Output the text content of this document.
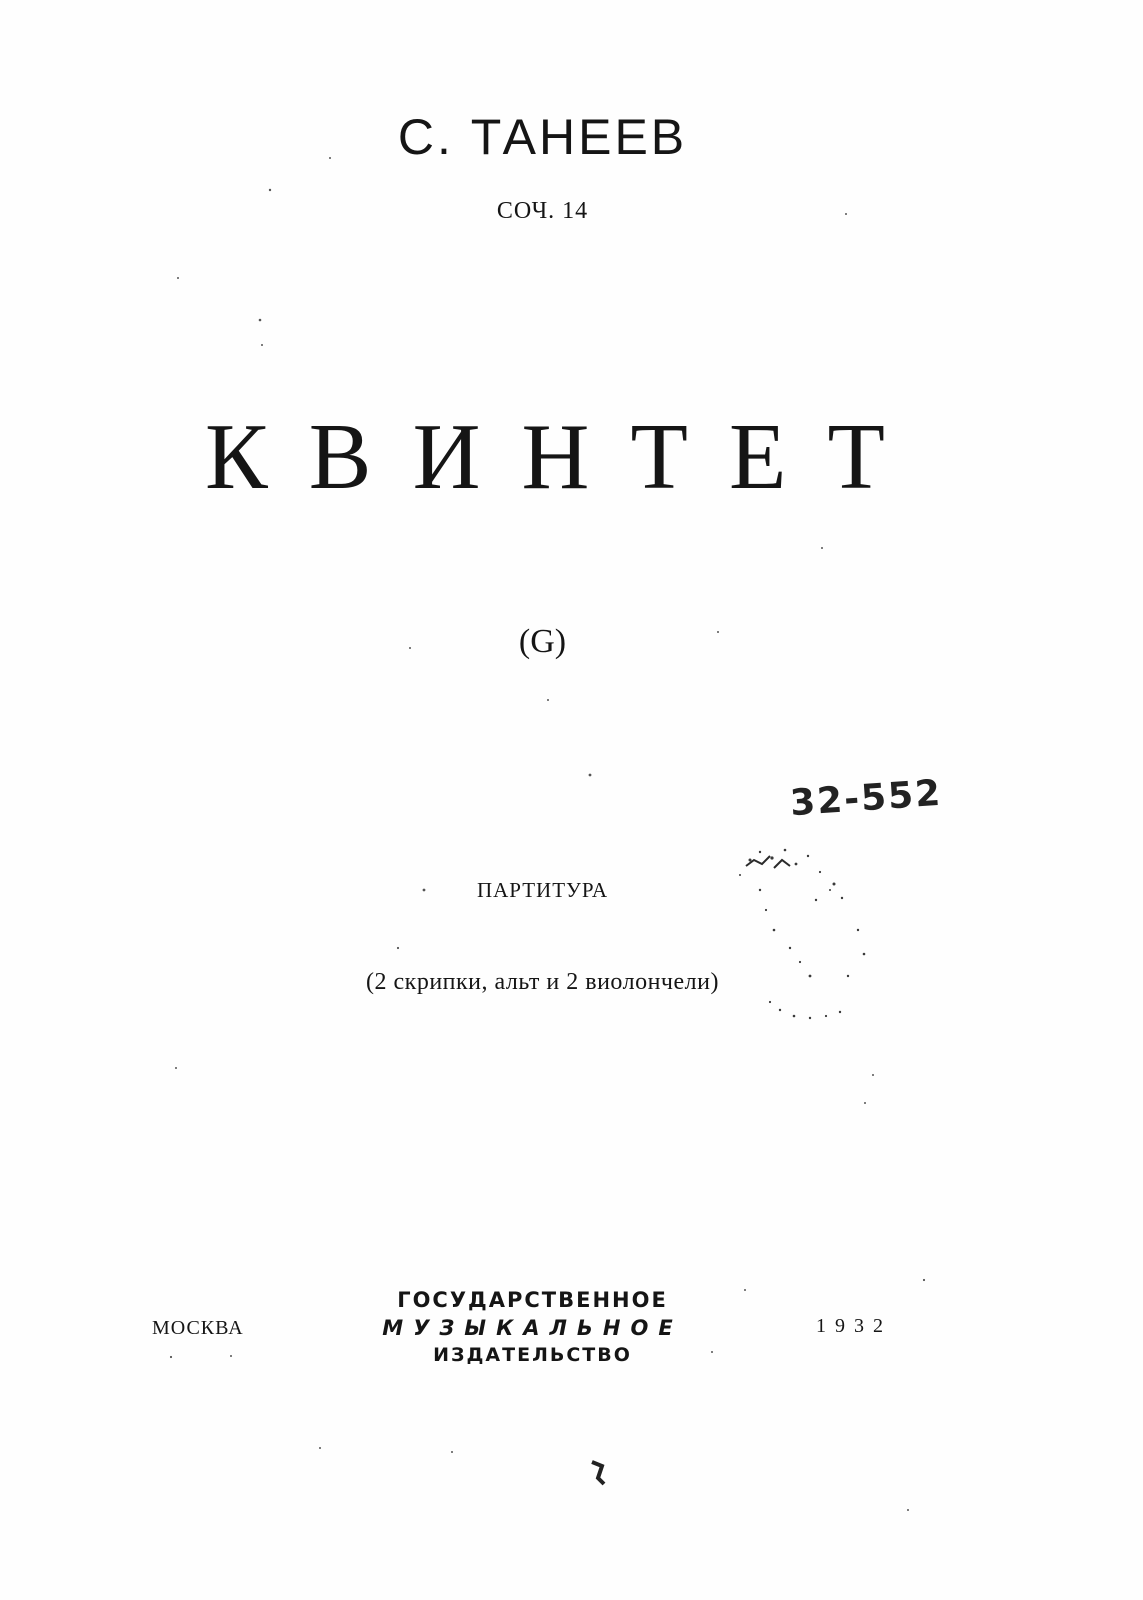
С. ТАНЕЕВ

СОЧ. 14

К В И Н Т Е Т

(G)

ПАРТИТУРА

(2 скрипки, альт и 2 виолончели)

32-552

МОСКВА

ГОСУДАРСТВЕННОЕ
МУЗЫКАЛЬНОЕ
ИЗДАТЕЛЬСТВО

1932
